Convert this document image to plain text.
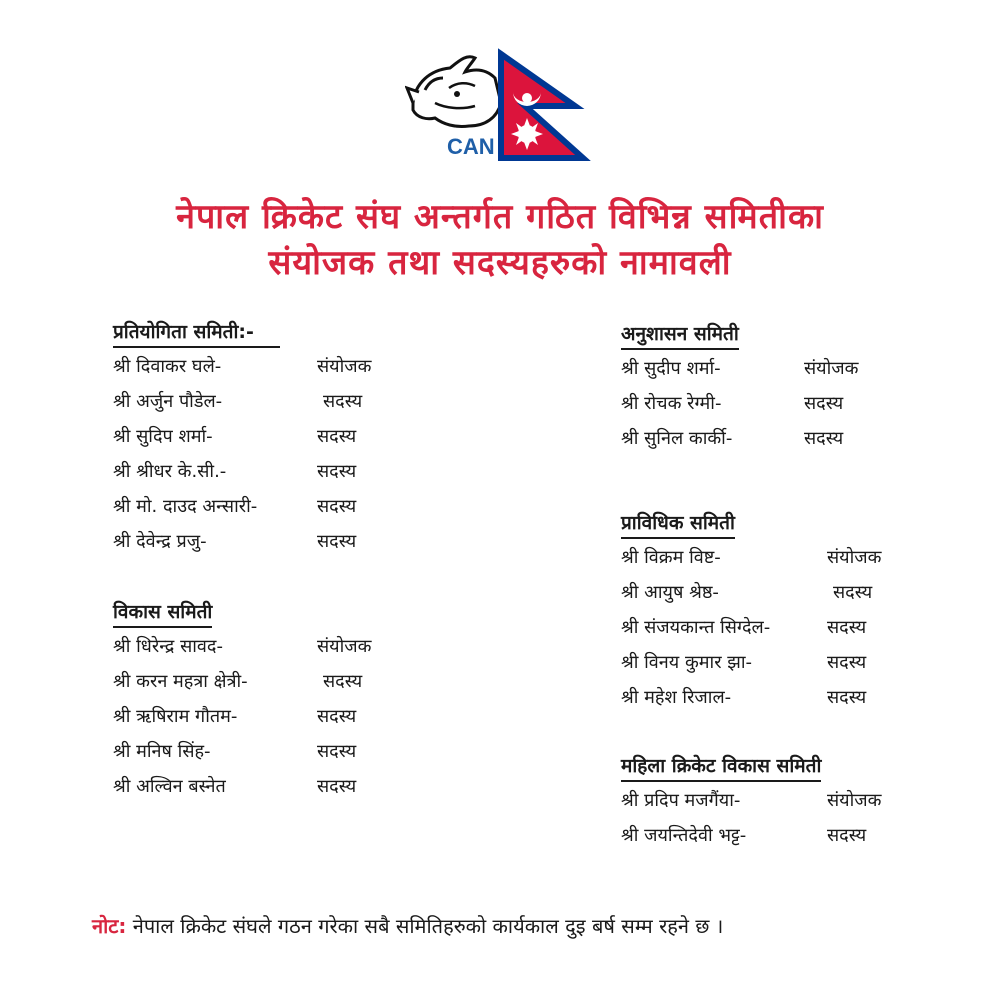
CAN
नेपाल क्रिकेट संघ अन्तर्गत गठित विभिन्न समितीका
संयोजक तथा सदस्यहरुको नामावली
प्रतियोगिता समिती:-
श्री दिवाकर घले-	संयोजक
श्री अर्जुन पौडेल-	सदस्य
श्री सुदिप शर्मा-	सदस्य
श्री श्रीधर के.सी.-	सदस्य
श्री मो. दाउद अन्सारी-	सदस्य
श्री देवेन्द्र प्रजु-	सदस्य
विकास समिती
श्री धिरेन्द्र सावद-	संयोजक
श्री करन महत्रा क्षेत्री-	सदस्य
श्री ऋषिराम गौतम-	सदस्य
श्री मनिष सिंह-	सदस्य
श्री अल्विन बस्नेत	सदस्य
अनुशासन समिती
श्री सुदीप शर्मा-	संयोजक
श्री रोचक रेग्मी-	सदस्य
श्री सुनिल कार्की-	सदस्य
प्राविधिक समिती
श्री विक्रम विष्ट-	संयोजक
श्री आयुष श्रेष्ठ-	सदस्य
श्री संजयकान्त सिग्देल-	सदस्य
श्री विनय कुमार झा-	सदस्य
श्री महेश रिजाल-	सदस्य
महिला क्रिकेट विकास समिती
श्री प्रदिप मजगैंया-	संयोजक
श्री जयन्तिदेवी भट्ट-	सदस्य
नोट: नेपाल क्रिकेट संघले गठन गरेका सबै समितिहरुको कार्यकाल दुइ बर्ष सम्म रहने छ ।
